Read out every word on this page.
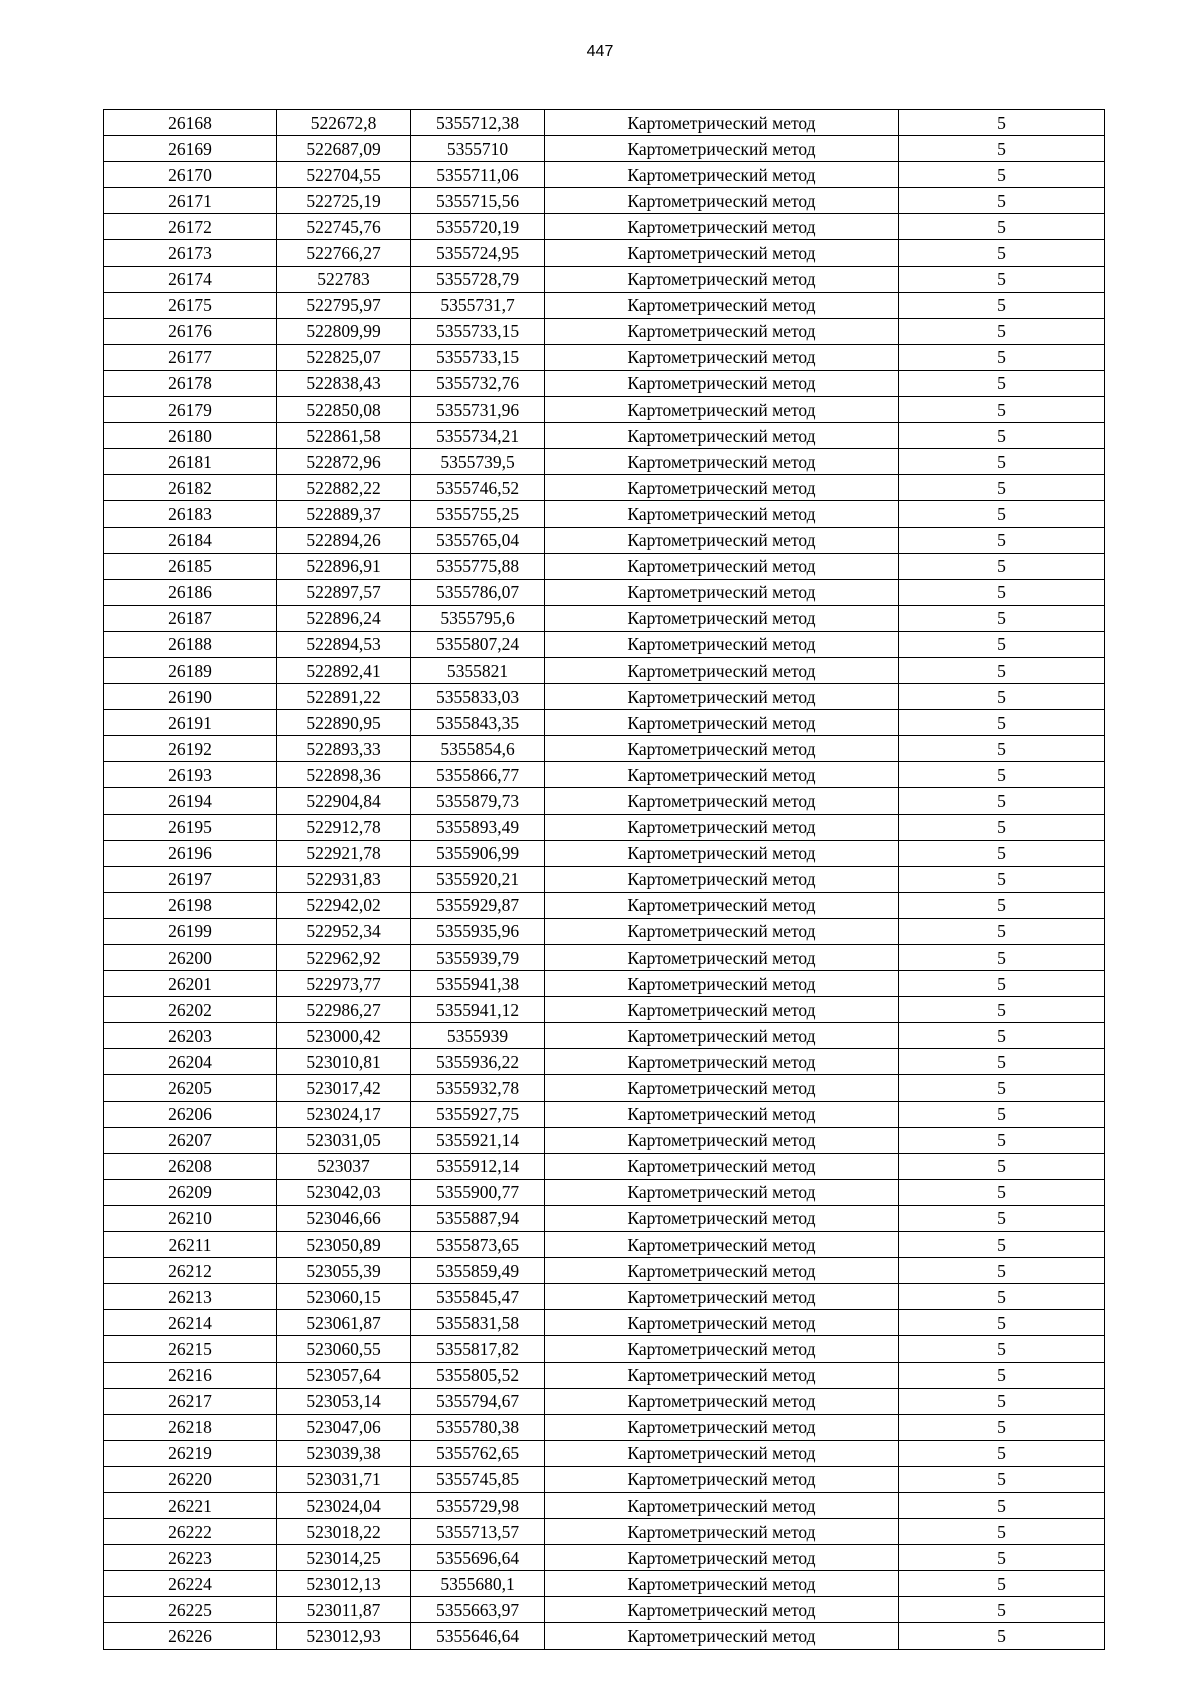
447
26168	522672,8	5355712,38	Картометрический метод	5
26169	522687,09	5355710	Картометрический метод	5
26170	522704,55	5355711,06	Картометрический метод	5
26171	522725,19	5355715,56	Картометрический метод	5
26172	522745,76	5355720,19	Картометрический метод	5
26173	522766,27	5355724,95	Картометрический метод	5
26174	522783	5355728,79	Картометрический метод	5
26175	522795,97	5355731,7	Картометрический метод	5
26176	522809,99	5355733,15	Картометрический метод	5
26177	522825,07	5355733,15	Картометрический метод	5
26178	522838,43	5355732,76	Картометрический метод	5
26179	522850,08	5355731,96	Картометрический метод	5
26180	522861,58	5355734,21	Картометрический метод	5
26181	522872,96	5355739,5	Картометрический метод	5
26182	522882,22	5355746,52	Картометрический метод	5
26183	522889,37	5355755,25	Картометрический метод	5
26184	522894,26	5355765,04	Картометрический метод	5
26185	522896,91	5355775,88	Картометрический метод	5
26186	522897,57	5355786,07	Картометрический метод	5
26187	522896,24	5355795,6	Картометрический метод	5
26188	522894,53	5355807,24	Картометрический метод	5
26189	522892,41	5355821	Картометрический метод	5
26190	522891,22	5355833,03	Картометрический метод	5
26191	522890,95	5355843,35	Картометрический метод	5
26192	522893,33	5355854,6	Картометрический метод	5
26193	522898,36	5355866,77	Картометрический метод	5
26194	522904,84	5355879,73	Картометрический метод	5
26195	522912,78	5355893,49	Картометрический метод	5
26196	522921,78	5355906,99	Картометрический метод	5
26197	522931,83	5355920,21	Картометрический метод	5
26198	522942,02	5355929,87	Картометрический метод	5
26199	522952,34	5355935,96	Картометрический метод	5
26200	522962,92	5355939,79	Картометрический метод	5
26201	522973,77	5355941,38	Картометрический метод	5
26202	522986,27	5355941,12	Картометрический метод	5
26203	523000,42	5355939	Картометрический метод	5
26204	523010,81	5355936,22	Картометрический метод	5
26205	523017,42	5355932,78	Картометрический метод	5
26206	523024,17	5355927,75	Картометрический метод	5
26207	523031,05	5355921,14	Картометрический метод	5
26208	523037	5355912,14	Картометрический метод	5
26209	523042,03	5355900,77	Картометрический метод	5
26210	523046,66	5355887,94	Картометрический метод	5
26211	523050,89	5355873,65	Картометрический метод	5
26212	523055,39	5355859,49	Картометрический метод	5
26213	523060,15	5355845,47	Картометрический метод	5
26214	523061,87	5355831,58	Картометрический метод	5
26215	523060,55	5355817,82	Картометрический метод	5
26216	523057,64	5355805,52	Картометрический метод	5
26217	523053,14	5355794,67	Картометрический метод	5
26218	523047,06	5355780,38	Картометрический метод	5
26219	523039,38	5355762,65	Картометрический метод	5
26220	523031,71	5355745,85	Картометрический метод	5
26221	523024,04	5355729,98	Картометрический метод	5
26222	523018,22	5355713,57	Картометрический метод	5
26223	523014,25	5355696,64	Картометрический метод	5
26224	523012,13	5355680,1	Картометрический метод	5
26225	523011,87	5355663,97	Картометрический метод	5
26226	523012,93	5355646,64	Картометрический метод	5
